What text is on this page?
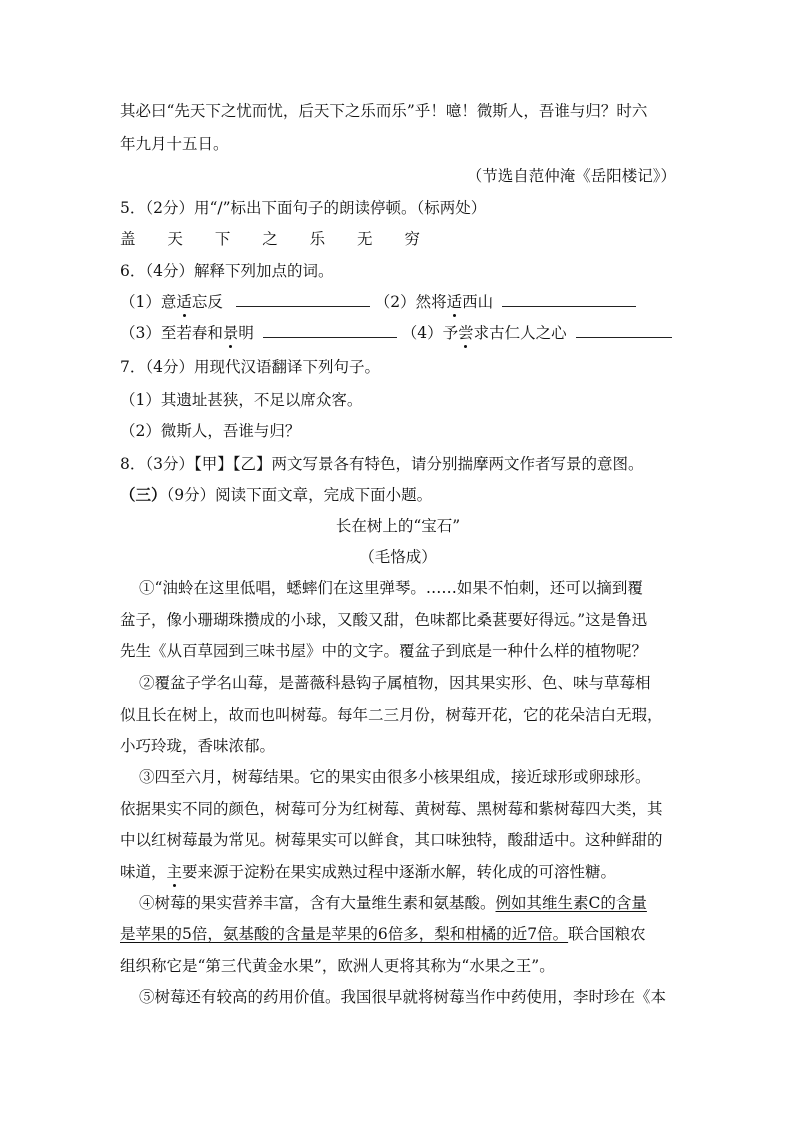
其必曰“先天下之忧而忧，后天下之乐而乐”乎！噫！微斯人，吾谁与归？时六
年九月十五日。
（节选自范仲淹《岳阳楼记》）
5．（2分）用“/”标出下面句子的朗读停顿。（标两处）
盖 天 下 之 乐 无 穷
6．（4分）解释下列加点的词。
（1）意适忘反	（2）然将适西山
（3）至若春和景明	（4）予尝求古仁人之心
7．（4分）用现代汉语翻译下列句子。
（1）其遗址甚狭，不足以席众客。
（2）微斯人，吾谁与归？
8．（3分）【甲】【乙】两文写景各有特色，请分别揣摩两文作者写景的意图。
（三）（9分）阅读下面文章，完成下面小题。
长在树上的“宝石”
（毛恪成）
①“油蛉在这里低唱，蟋蟀们在这里弹琴。……如果不怕刺，还可以摘到覆
盆子，像小珊瑚珠攒成的小球，又酸又甜，色味都比桑葚要好得远。”这是鲁迅
先生《从百草园到三味书屋》中的文字。覆盆子到底是一种什么样的植物呢？
②覆盆子学名山莓，是蔷薇科悬钩子属植物，因其果实形、色、味与草莓相
似且长在树上，故而也叫树莓。每年二三月份，树莓开花，它的花朵洁白无瑕，
小巧玲珑，香味浓郁。
③四至六月，树莓结果。它的果实由很多小核果组成，接近球形或卵球形。
依据果实不同的颜色，树莓可分为红树莓、黄树莓、黑树莓和紫树莓四大类，其
中以红树莓最为常见。树莓果实可以鲜食，其口味独特，酸甜适中。这种鲜甜的
味道，主要来源于淀粉在果实成熟过程中逐渐水解，转化成的可溶性糖。
④树莓的果实营养丰富，含有大量维生素和氨基酸。例如其维生素C的含量
是苹果的5倍，氨基酸的含量是苹果的6倍多，梨和柑橘的近7倍。联合国粮农
组织称它是“第三代黄金水果”，欧洲人更将其称为“水果之王”。
⑤树莓还有较高的药用价值。我国很早就将树莓当作中药使用，李时珍在《本
